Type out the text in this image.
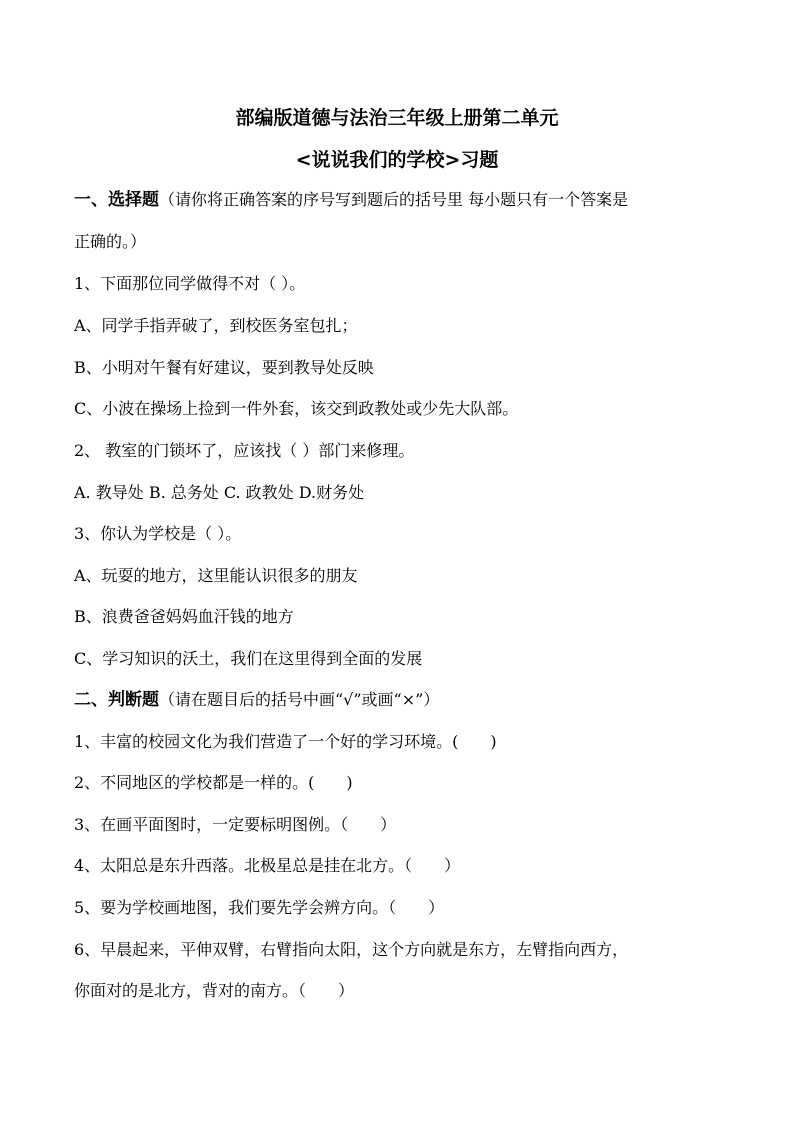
部编版道德与法治三年级上册第二单元
<说说我们的学校>习题
一、选择题（请你将正确答案的序号写到题后的括号里 每小题只有一个答案是
正确的。）
1、下面那位同学做得不对（ ）。
A、同学手指弄破了，到校医务室包扎；
B、小明对午餐有好建议，要到教导处反映
C、小波在操场上捡到一件外套，该交到政教处或少先大队部。
2、 教室的门锁坏了，应该找（ ）部门来修理。
A. 教导处 B. 总务处 C. 政教处 D.财务处
3、你认为学校是（ ）。
A、玩耍的地方，这里能认识很多的朋友
B、浪费爸爸妈妈血汗钱的地方
C、学习知识的沃土，我们在这里得到全面的发展
二、判断题（请在题目后的括号中画“√”或画“×”）
1、丰富的校园文化为我们营造了一个好的学习环境。(　　)
2、不同地区的学校都是一样的。(　　)
3、在画平面图时，一定要标明图例。（　　）
4、太阳总是东升西落。北极星总是挂在北方。（　　）
5、要为学校画地图，我们要先学会辨方向。（　　）
6、早晨起来，平伸双臂，右臂指向太阳，这个方向就是东方，左臂指向西方，
你面对的是北方，背对的南方。（　　）
